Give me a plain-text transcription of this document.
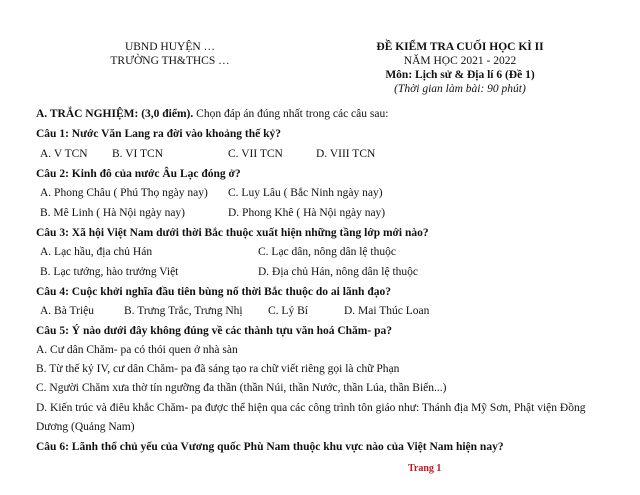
UBND HUYỆN …
TRƯỜNG TH&THCS …
ĐỀ KIỂM TRA CUỐI HỌC KÌ II
NĂM HỌC 2021 - 2022
Môn: Lịch sử & Địa lí 6 (Đề 1)
(Thời gian làm bài: 90 phút)
A. TRẮC NGHIỆM: (3,0 điểm). Chọn đáp án đúng nhất trong các câu sau:
Câu 1: Nước Văn Lang ra đời vào khoảng thế kỷ?
A. V TCN B. VI TCN	C. VII TCN	D. VIII TCN
Câu 2: Kinh đô của nước Âu Lạc đóng ở?
A. Phong Châu ( Phú Thọ ngày nay) C. Luy Lâu ( Bắc Ninh ngày nay)
B. Mê Linh ( Hà Nội ngày nay)	D. Phong Khê ( Hà Nội ngày nay)
Câu 3: Xã hội Việt Nam dưới thời Bắc thuộc xuất hiện những tầng lớp mới nào?
A. Lạc hầu, địa chủ Hán	C. Lạc dân, nông dân lệ thuộc
B. Lạc tướng, hào trưởng Việt	D. Địa chủ Hán, nông dân lệ thuộc
Câu 4: Cuộc khởi nghĩa đầu tiên bùng nổ thời Bắc thuộc do ai lãnh đạo?
A. Bà Triệu	B. Trưng Trắc, Trưng Nhị C. Lý Bí	D. Mai Thúc Loan
Câu 5: Ý nào dưới đây không đúng về các thành tựu văn hoá Chăm- pa?
A. Cư dân Chăm- pa có thói quen ở nhà sàn
B. Từ thế kỷ IV, cư dân Chăm- pa đã sáng tạo ra chữ viết riêng gọi là chữ Phạn
C. Người Chăm xưa thờ tín ngưỡng đa thần (thần Núi, thần Nước, thần Lúa, thần Biển...)
D. Kiến trúc và điêu khắc Chăm- pa được thể hiện qua các công trình tôn giáo như: Thánh địa Mỹ Sơn, Phật viện Đồng
Dương (Quảng Nam)
Câu 6: Lãnh thổ chủ yếu của Vương quốc Phù Nam thuộc khu vực nào của Việt Nam hiện nay?
Trang 1
